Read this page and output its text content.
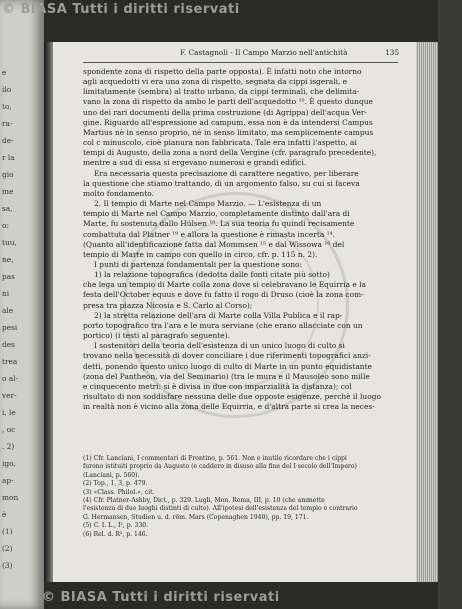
e
ilo
to,
ra-
de-
r la
gio
me
sa,
o:
tuu,
ne,
pas
ni
ale
pesi
des
trea
o al-
ver-
i, le
, oc
. 2)
igo,
ap-
mon
è
(1)
(2)
(3)
© BIASA Tutti i diritti riservati
F. Castagnoli - Il Campo Marzio nell'antichità	135

spondente zona di rispetto della parte opposta). È infatti noto che intorno
agli acquedotti vi era una zona di rispetto, segnata da cippi isgerali, e
limitatamente (sembra) al tratto urbano, da cippi terminali, che delimita-
vano la zona di rispetto da ambo le parti dell'acquedotto ¹⁹. È questo dunque
uno dei rari documenti della prima costruzione (di Agrippa) dell'acqua Ver-
gine. Riguardo all'espressione ad campum, essa non è da intendersi Campus
Martius nè in senso proprio, nè in senso limitato, ma semplicemente campus
col c minuscolo, cioè pianura non fabbricata. Tale era infatti l'aspetto, ai
tempi di Augusto, della zona a nord della Vergine (cfr. paragrafo precedente),
mentre a sud di essa si ergevano numerosi e grandi edifici.

Era necessaria questa precisazione di carattere negativo, per liberare
la questione che stiamo trattando, di un argomento falso, su cui si faceva
molto fondamento.

2. Il tempio di Marte nel Campo Marzio. — L'esistenza di un
tempio di Marte nel Campo Marzio, completamente distinto dall'ara di
Marte, fu sostenuta dallo Hülsen ¹⁸. La sua teoria fu quindi recisamente
combattuta dal Platner ¹⁹ e allora la questione è rimasta incerta ¹⁴.
(Quanto all'identificazione fatta dal Mommsen ¹⁵ e dal Wissowa ¹⁶ del
tempio di Marte in campo con quello in circo, cfr. p. 115 n. 2).

I punti di partenza fondamentali per la questione sono:
1) la relazione topografica (dedotta dalle fonti citate più sotto)
che lega un tempio di Marte colla zona dove si celebravano le Equirria e la
festa dell'October equus e dove fu fatto il rogo di Druso (cioè la zona com-
presa tra piazza Nicosia e S. Carlo al Corso);
2) la stretta relazione dell'ara di Marte colla Villa Publica e il rap-
porto topografico tra l'ara e le mura serviane (che erano allacciate con un
portico) (i testi al paragrafo seguente).

I sostenitori della teoria dell'esistenza di un unico luogo di culto si
trovano nella necessità di dover conciliare i due riferimenti topografici anzi-
detti, ponendo questo unico luogo di culto di Marte in un punto equidistante
(zona del Pantheon, via del Seminario) (tra le mura e il Mausoleo sono mille
e cinquecento metri: si è divisa in due con imparzialità la distanza); col
risultato di non soddisfare nessuna delle due opposte esigenze, perchè il luogo
in realtà non è vicino alla zona delle Equirria, e d'altra parte si crea la neces-

(1) Cfr. Lanciani, I commentari di Frontino, p. 561. Non è inutile ricordare che i cippi
furono istituiti proprio da Augusto (e caddero in disuso alla fine del I secolo dell'Impero)
(Lanciani, p. 560).
(2) Top., 1, 3, p. 479.
(3) «Class. Philol.», cit.
(4) Cfr. Platner-Ashby, Dict., p. 329. Lugli, Mon. Roma, III, p. 10 (che ammette
l'esistenza di due luoghi distinti di culto). All'ipotesi dell'esistenza del tempio è contrario
G. Hermansen, Studien u. d. röm. Mars (Copenaghen 1940), pp. 19, 171.
(5) C. I. L., I², p. 330.
(6) Rel. d. R², p. 146.
© BIASA Tutti i diritti riservati
